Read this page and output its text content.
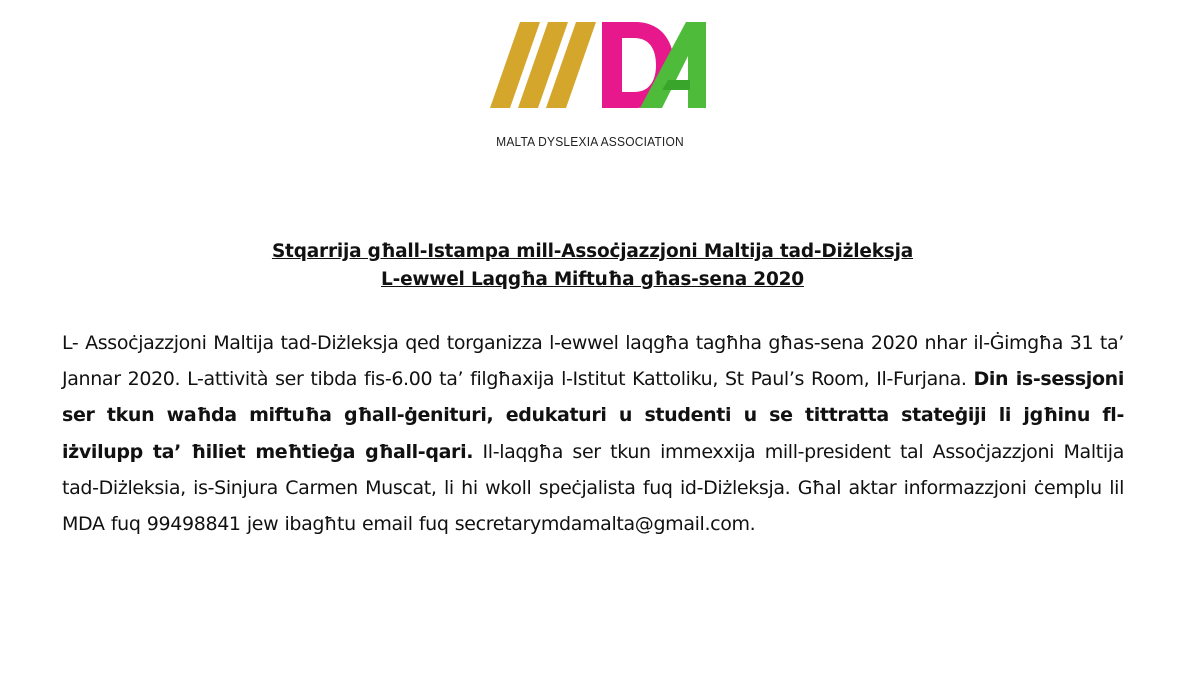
MALTA DYSLEXIA ASSOCIATION
Stqarrija għall-Istampa mill-Assoċjazzjoni Maltija tad-Diżleksja
L-ewwel Laqgħa Miftuħa għas-sena 2020
L- Assoċjazzjoni Maltija tad-Diżleksja qed torganizza l-ewwel laqgħa tagħha għas-sena 2020 nhar il-Ġimgħa 31 ta’ Jannar 2020. L-attività ser tibda fis-6.00 ta’ filgħaxija l-Istitut Kattoliku, St Paul’s Room, Il-Furjana. Din is-sessjoni ser tkun waħda miftuħa għall-ġenituri, edukaturi u studenti u se tittratta stateġiji li jgħinu fl-iżvilupp ta’ ħiliet meħtieġa għall-qari. Il-laqgħa ser tkun immexxija mill-president tal Assoċjazzjoni Maltija tad-Diżleksia, is-Sinjura Carmen Muscat, li hi wkoll speċjalista fuq id-Diżleksja. Għal aktar informazzjoni ċemplu lil MDA fuq 99498841 jew ibagħtu email fuq secretarymdamalta@gmail.com.
